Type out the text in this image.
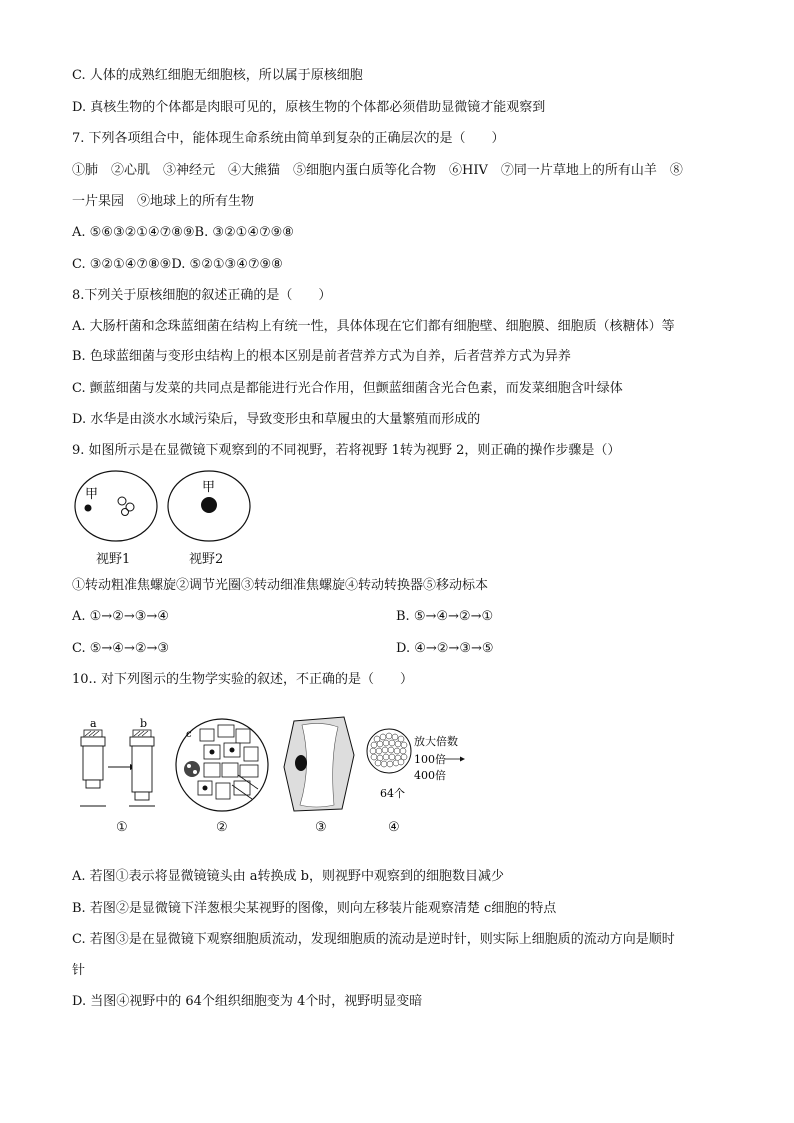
C. 人体的成熟红细胞无细胞核，所以属于原核细胞
D. 真核生物的个体都是肉眼可见的，原核生物的个体都必须借助显微镜才能观察到
7. 下列各项组合中，能体现生命系统由简单到复杂的正确层次的是（　　）
①肺　②心肌　③神经元　④大熊猫　⑤细胞内蛋白质等化合物　⑥HIV　⑦同一片草地上的所有山羊　⑧
一片果园　⑨地球上的所有生物
A. ⑤⑥③②①④⑦⑧⑨B. ③②①④⑦⑨⑧
C. ③②①④⑦⑧⑨D. ⑤②①③④⑦⑨⑧
8.下列关于原核细胞的叙述正确的是（　　）
A. 大肠杆菌和念珠蓝细菌在结构上有统一性，具体体现在它们都有细胞壁、细胞膜、细胞质（核糖体）等
B. 色球蓝细菌与变形虫结构上的根本区别是前者营养方式为自养，后者营养方式为异养
C. 颤蓝细菌与发菜的共同点是都能进行光合作用，但颤蓝细菌含光合色素，而发菜细胞含叶绿体
D. 水华是由淡水水域污染后，导致变形虫和草履虫的大量繁殖而形成的
9. 如图所示是在显微镜下观察到的不同视野，若将视野 1转为视野 2，则正确的操作步骤是（）
甲	甲
视野1	视野2
①转动粗准焦螺旋②调节光圈③转动细准焦螺旋④转动转换器⑤移动标本
A. ①→②→③→④	B. ⑤→④→②→①
C. ⑤→④→②→③	D. ④→②→③→⑤
10.. 对下列图示的生物学实验的叙述，不正确的是（　　）
a	b
c
放大倍数
100倍
400倍
64个
①	②	③	④
A. 若图①表示将显微镜镜头由 a转换成 b，则视野中观察到的细胞数目减少
B. 若图②是显微镜下洋葱根尖某视野的图像，则向左移装片能观察清楚 c细胞的特点
C. 若图③是在显微镜下观察细胞质流动，发现细胞质的流动是逆时针，则实际上细胞质的流动方向是顺时
针
D. 当图④视野中的 64个组织细胞变为 4个时，视野明显变暗
